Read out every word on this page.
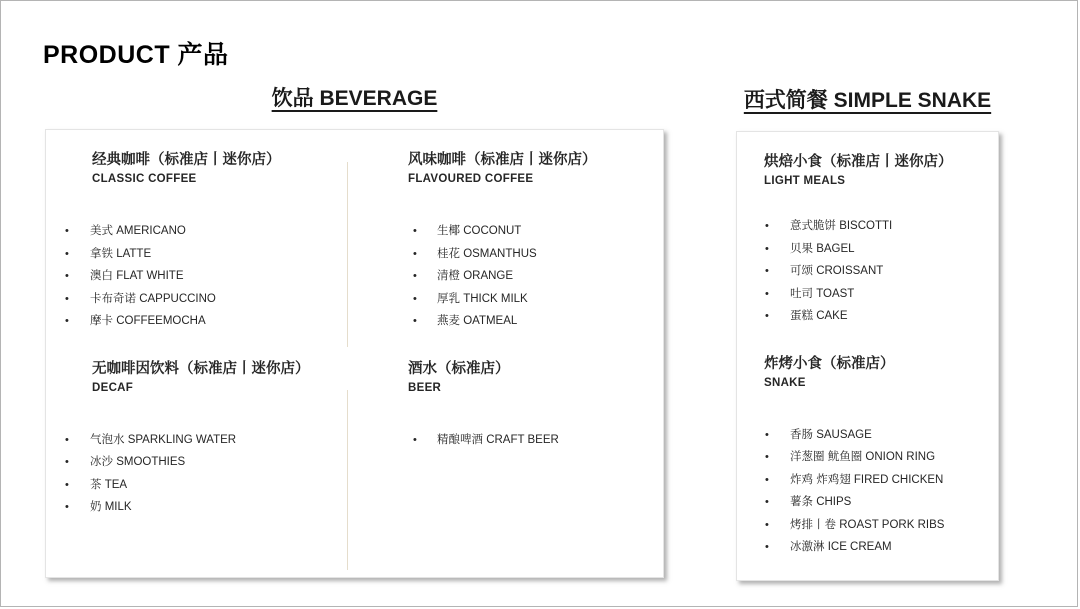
PRODUCT 产品
饮品 BEVERAGE
经典咖啡（标准店丨迷你店）
CLASSIC COFFEE
•	美式 AMERICANO
•	拿铁 LATTE
•	澳白 FLAT WHITE
•	卡布奇诺 CAPPUCCINO
•	摩卡 COFFEEMOCHA
无咖啡因饮料（标准店丨迷你店）
DECAF
•	气泡水 SPARKLING WATER
•	冰沙 SMOOTHIES
•	茶 TEA
•	奶 MILK
风味咖啡（标准店丨迷你店）
FLAVOURED COFFEE
•	生椰 COCONUT
•	桂花 OSMANTHUS
•	清橙 ORANGE
•	厚乳 THICK MILK
•	燕麦 OATMEAL
酒水（标准店）
BEER
•	精酿啤酒 CRAFT BEER
西式简餐 SIMPLE SNAKE
烘焙小食（标准店丨迷你店）
LIGHT MEALS
•	意式脆饼 BISCOTTI
•	贝果 BAGEL
•	可颂 CROISSANT
•	吐司 TOAST
•	蛋糕 CAKE
炸烤小食（标准店）
SNAKE
•	香肠 SAUSAGE
•	洋葱圈 鱿鱼圈 ONION RING
•	炸鸡 炸鸡翅 FIRED CHICKEN
•	薯条 CHIPS
•	烤排丨卷 ROAST PORK RIBS
•	冰激淋 ICE CREAM
